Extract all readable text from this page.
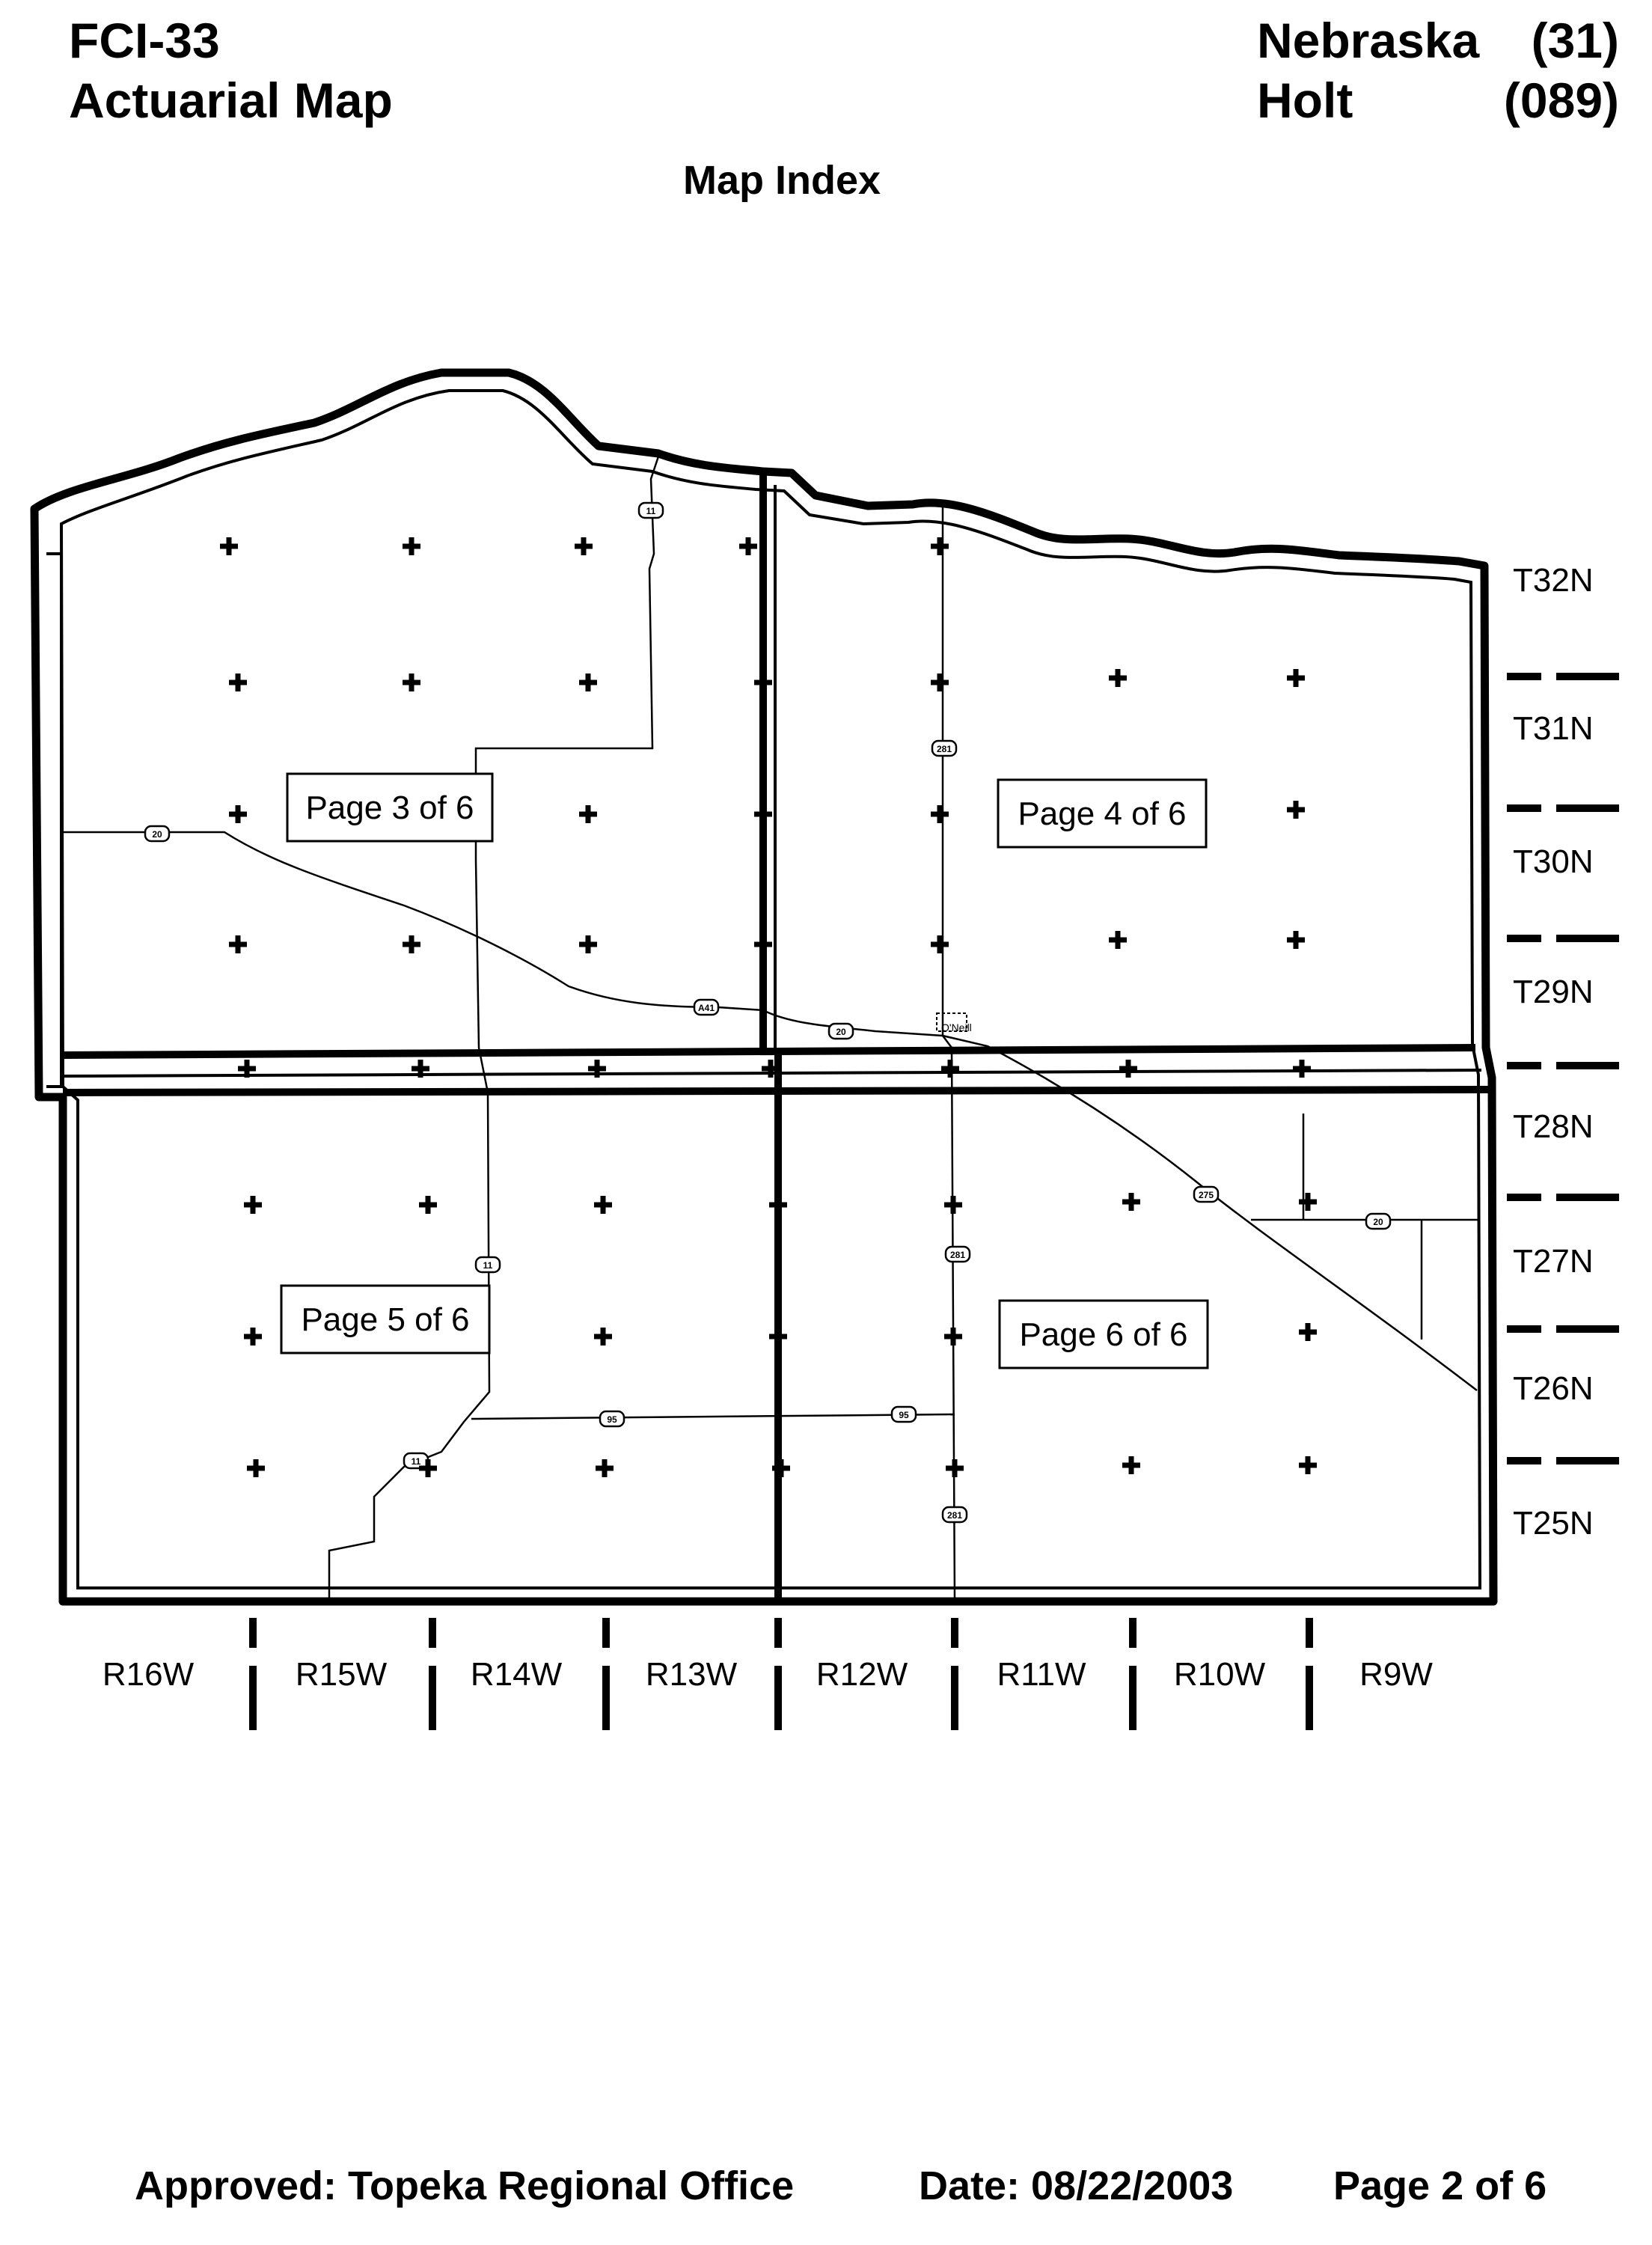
FCI-33
Actuarial Map
Nebraska (31)
Holt	(089)
Map Index
11
20
A41
20
281
275
281
11
95	95
11
281
20
O'Neill
Page 3 of 6	Page 4 of 6
Page 5 of 6	Page 6 of 6
T32N
T31N
T30N
T29N
T28N
T27N
T26N
T25N
R16W	R15W	R14W	R13W R12W	R11W	R10W	R9W
Approved: Topeka Regional Office	Date: 08/22/2003 Page 2 of 6
